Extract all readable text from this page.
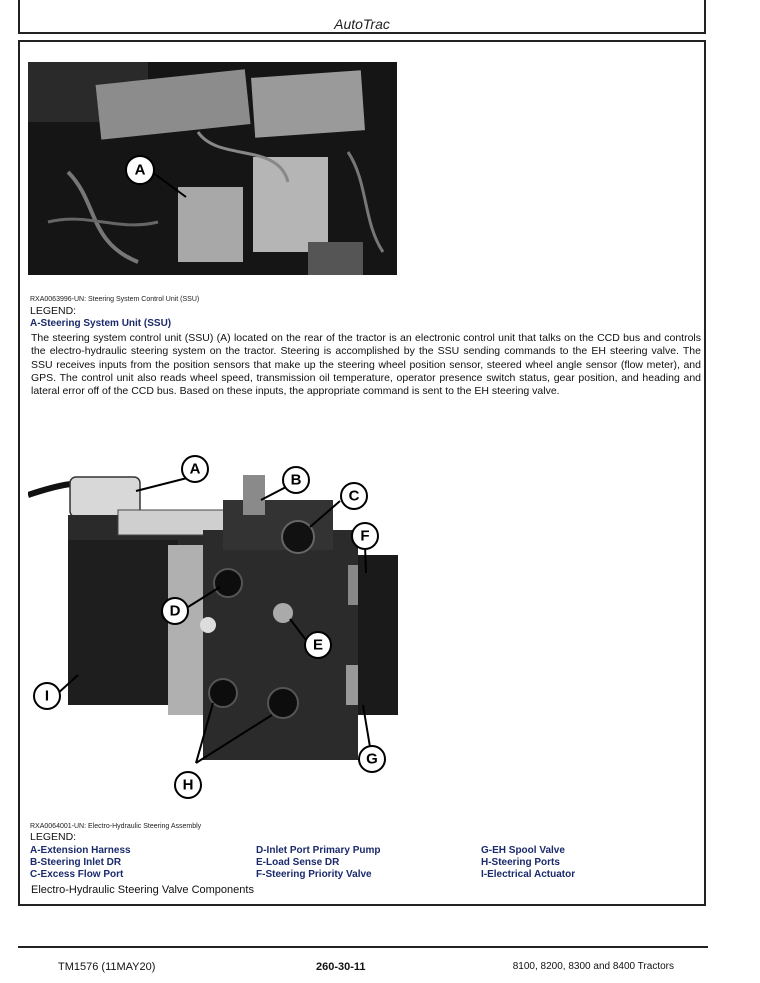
AutoTrac
A
RXA0063996-UN: Steering System Control Unit (SSU)
LEGEND:
A-Steering System Unit (SSU)
The steering system control unit (SSU) (A) located on the rear of the tractor is an electronic control unit that talks on the CCD bus and controls the electro-hydraulic steering system on the tractor. Steering is accomplished by the SSU sending commands to the EH steering valve. The SSU receives inputs from the position sensors that make up the steering wheel position sensor, steered wheel angle sensor (flow meter), and GPS. The control unit also reads wheel speed, transmission oil temperature, operator presence switch status, gear position, and heading and lateral error off of the CCD bus. Based on these inputs, the appropriate command is sent to the EH steering valve.
A
B
C
D
E
F
G
H
I
RXA0064001-UN: Electro-Hydraulic Steering Assembly
LEGEND:
A-Extension Harness
B-Steering Inlet DR
C-Excess Flow Port
D-Inlet Port Primary Pump
E-Load Sense DR
F-Steering Priority Valve
G-EH Spool Valve
H-Steering Ports
I-Electrical Actuator
Electro-Hydraulic Steering Valve Components
TM1576 (11MAY20)	260-30-11	8100, 8200, 8300 and 8400 Tractors
